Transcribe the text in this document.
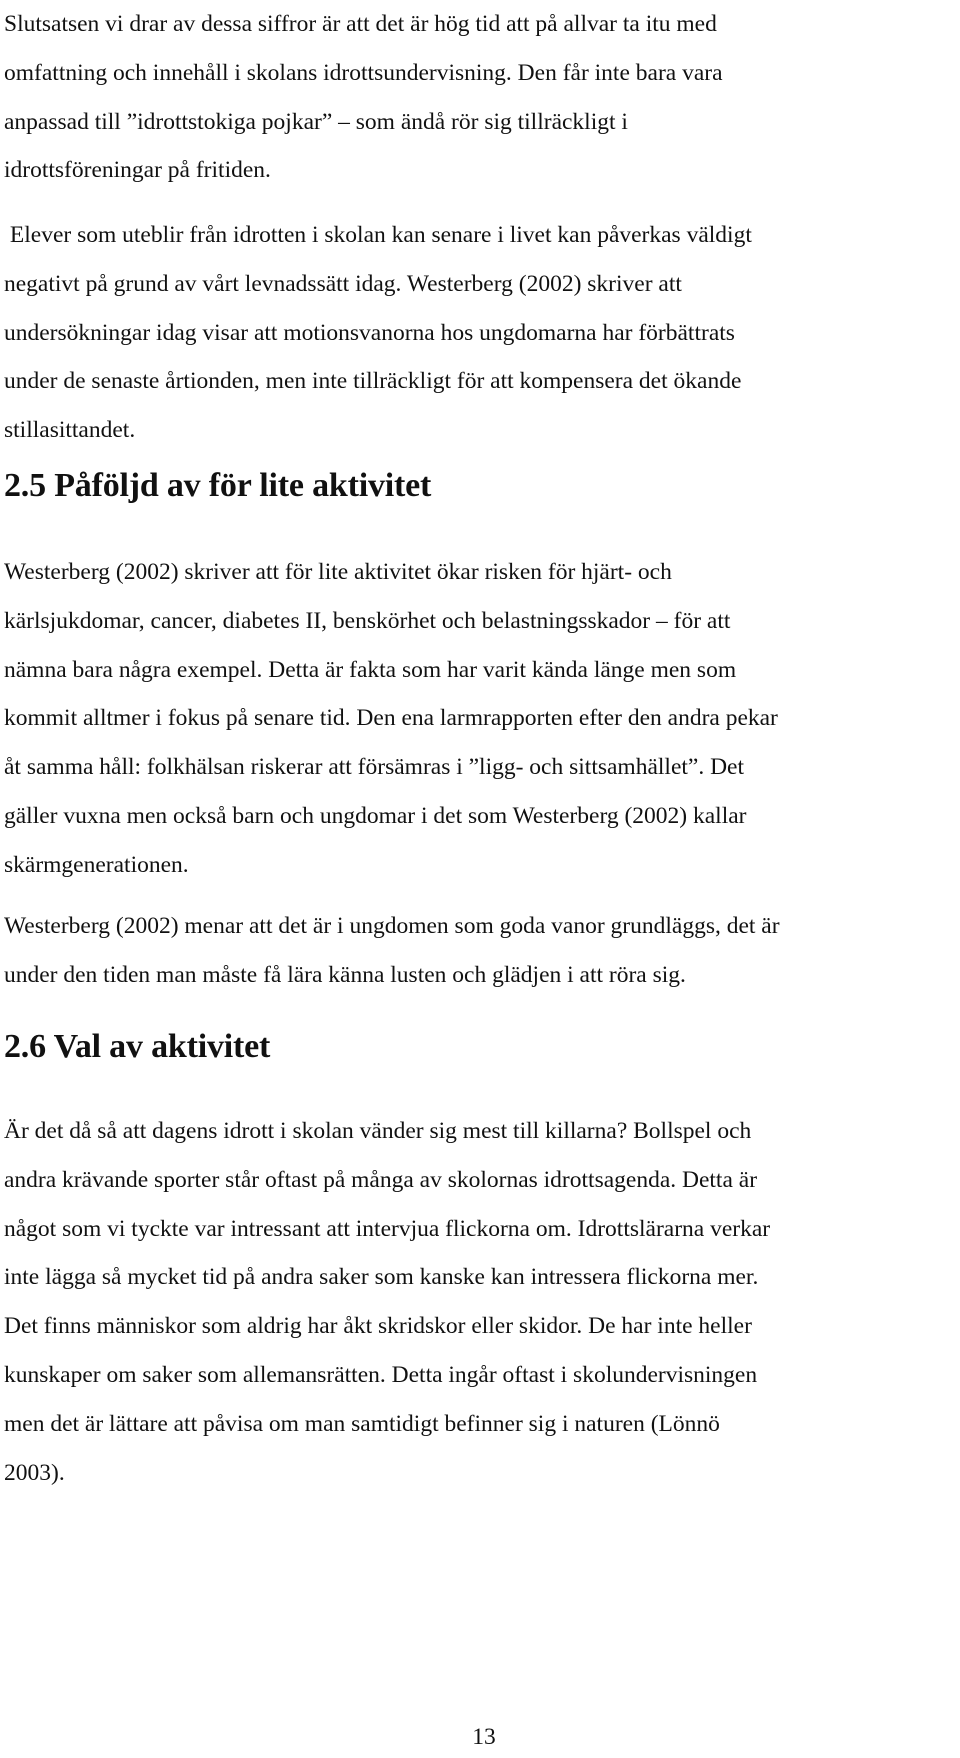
Slutsatsen vi drar av dessa siffror är att det är hög tid att på allvar ta itu med
omfattning och innehåll i skolans idrottsundervisning. Den får inte bara vara
anpassad till ”idrottstokiga pojkar” – som ändå rör sig tillräckligt i
idrottsföreningar på fritiden.

Elever som uteblir från idrotten i skolan kan senare i livet kan påverkas väldigt
negativt på grund av vårt levnadssätt idag. Westerberg (2002) skriver att
undersökningar idag visar att motionsvanorna hos ungdomarna har förbättrats
under de senaste årtionden, men inte tillräckligt för att kompensera det ökande
stillasittandet.

2.5 Påföljd av för lite aktivitet

Westerberg (2002) skriver att för lite aktivitet ökar risken för hjärt- och
kärlsjukdomar, cancer, diabetes II, benskörhet och belastningsskador – för att
nämna bara några exempel. Detta är fakta som har varit kända länge men som
kommit alltmer i fokus på senare tid. Den ena larmrapporten efter den andra pekar
åt samma håll: folkhälsan riskerar att försämras i ”ligg- och sittsamhället”. Det
gäller vuxna men också barn och ungdomar i det som Westerberg (2002) kallar
skärmgenerationen.

Westerberg (2002) menar att det är i ungdomen som goda vanor grundläggs, det är
under den tiden man måste få lära känna lusten och glädjen i att röra sig.

2.6 Val av aktivitet

Är det då så att dagens idrott i skolan vänder sig mest till killarna? Bollspel och
andra krävande sporter står oftast på många av skolornas idrottsagenda. Detta är
något som vi tyckte var intressant att intervjua flickorna om. Idrottslärarna verkar
inte lägga så mycket tid på andra saker som kanske kan intressera flickorna mer.
Det finns människor som aldrig har åkt skridskor eller skidor. De har inte heller
kunskaper om saker som allemansrätten. Detta ingår oftast i skolundervisningen
men det är lättare att påvisa om man samtidigt befinner sig i naturen (Lönnö
2003).

13
